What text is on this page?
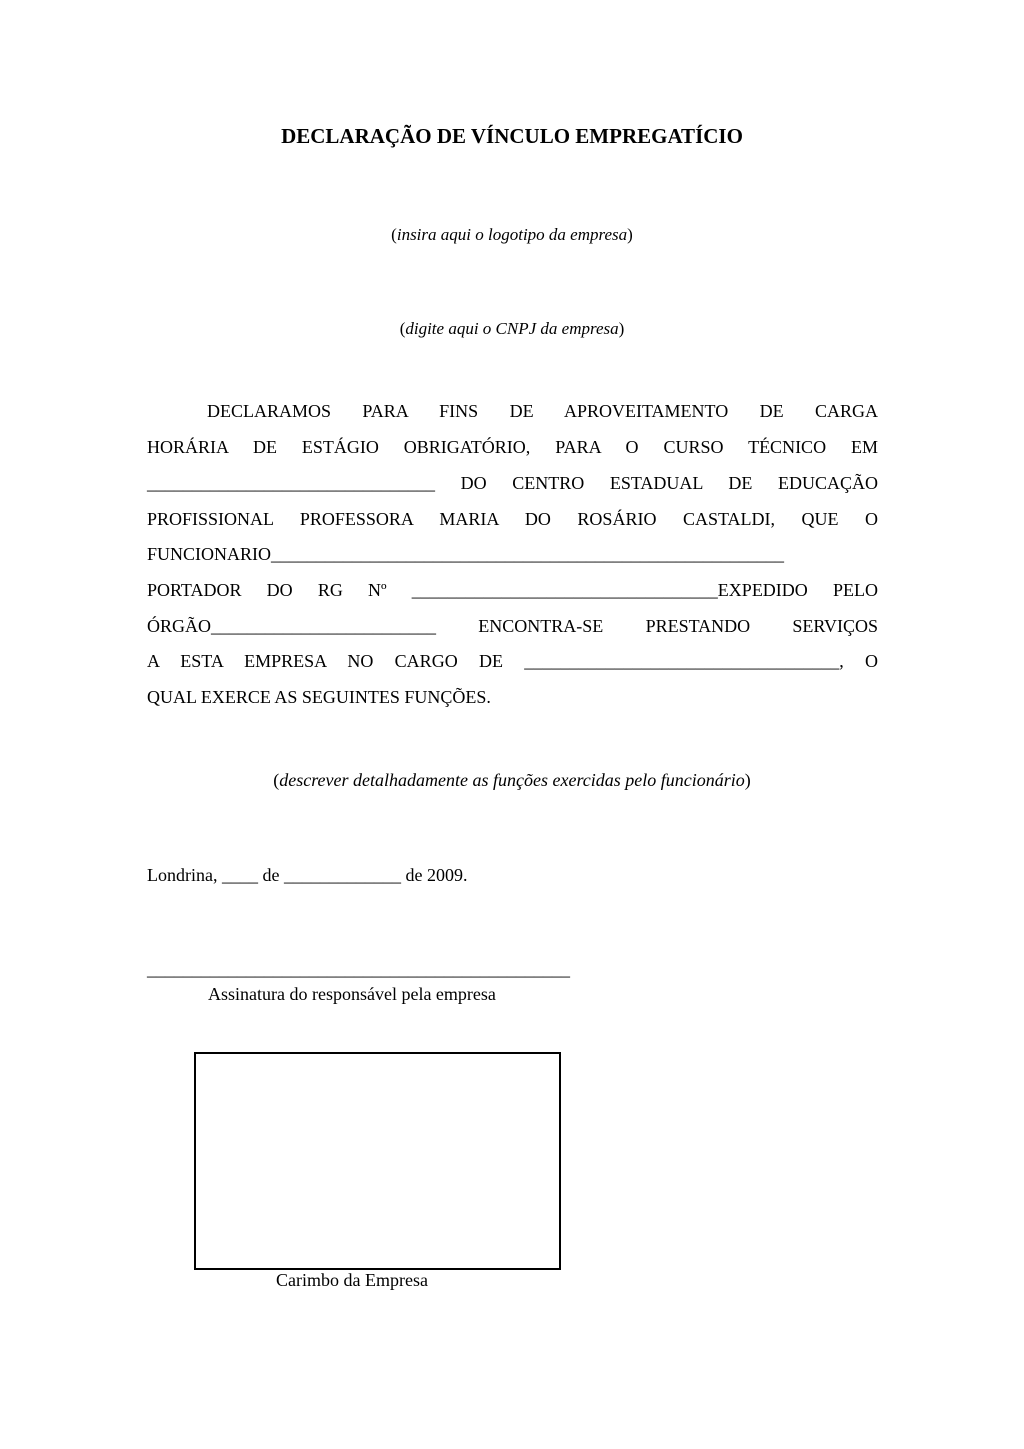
DECLARAÇÃO DE VÍNCULO EMPREGATÍCIO
(insira aqui o logotipo da empresa)
(digite aqui o CNPJ da empresa)
DECLARAMOS PARA FINS DE APROVEITAMENTO DE CARGA
HORÁRIA DE ESTÁGIO OBRIGATÓRIO, PARA O CURSO TÉCNICO EM
________________________________ DO CENTRO ESTADUAL DE EDUCAÇÃO
PROFISSIONAL PROFESSORA MARIA DO ROSÁRIO CASTALDI, QUE O
FUNCIONARIO_________________________________________________________
PORTADOR DO RG Nº __________________________________EXPEDIDO PELO
ÓRGÃO_________________________ ENCONTRA-SE PRESTANDO SERVIÇOS
A ESTA EMPRESA NO CARGO DE ___________________________________, O
QUAL EXERCE AS SEGUINTES FUNÇÕES.
(descrever detalhadamente as funções exercidas pelo funcionário)
Londrina, ____ de _____________ de 2009.
_______________________________________________
Assinatura do responsável pela empresa
Carimbo da Empresa
